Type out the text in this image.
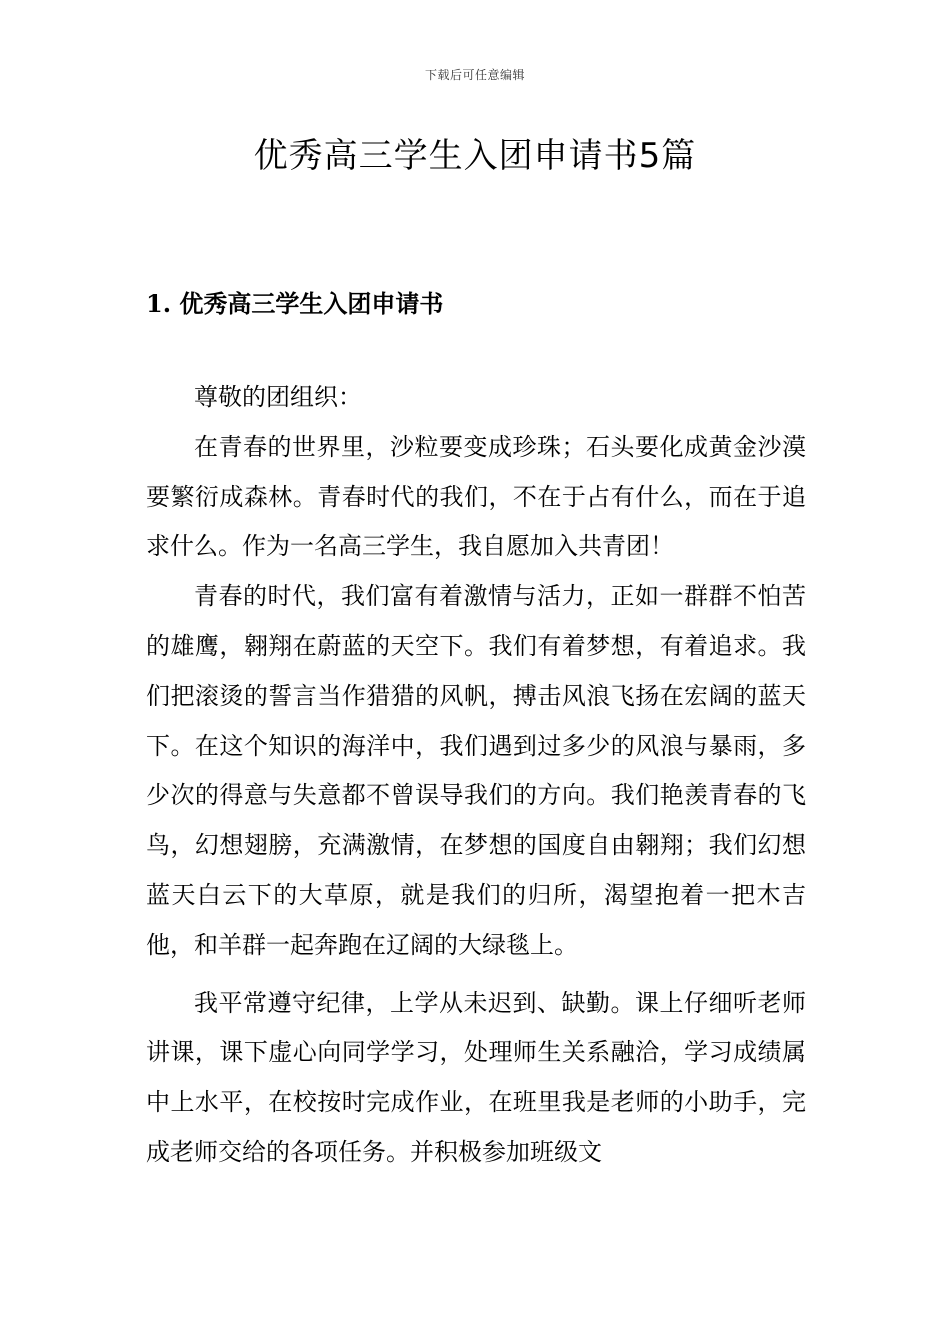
下载后可任意编辑
优秀高三学生入团申请书5篇
1. 优秀高三学生入团申请书

尊敬的团组织：

在青春的世界里，沙粒要变成珍珠；石头要化成黄金沙漠要繁衍成森林。青春时代的我们，不在于占有什么，而在于追求什么。作为一名高三学生，我自愿加入共青团！

青春的时代，我们富有着激情与活力，正如一群群不怕苦的雄鹰，翱翔在蔚蓝的天空下。我们有着梦想，有着追求。我们把滚烫的誓言当作猎猎的风帆，搏击风浪飞扬在宏阔的蓝天下。在这个知识的海洋中，我们遇到过多少的风浪与暴雨，多少次的得意与失意都不曾误导我们的方向。我们艳羡青春的飞鸟，幻想翅膀，充满激情，在梦想的国度自由翱翔；我们幻想蓝天白云下的大草原，就是我们的归所，渴望抱着一把木吉他，和羊群一起奔跑在辽阔的大绿毯上。

我平常遵守纪律，上学从未迟到、缺勤。课上仔细听老师讲课，课下虚心向同学学习，处理师生关系融洽，学习成绩属中上水平，在校按时完成作业，在班里我是老师的小助手，完成老师交给的各项任务。并积极参加班级文
